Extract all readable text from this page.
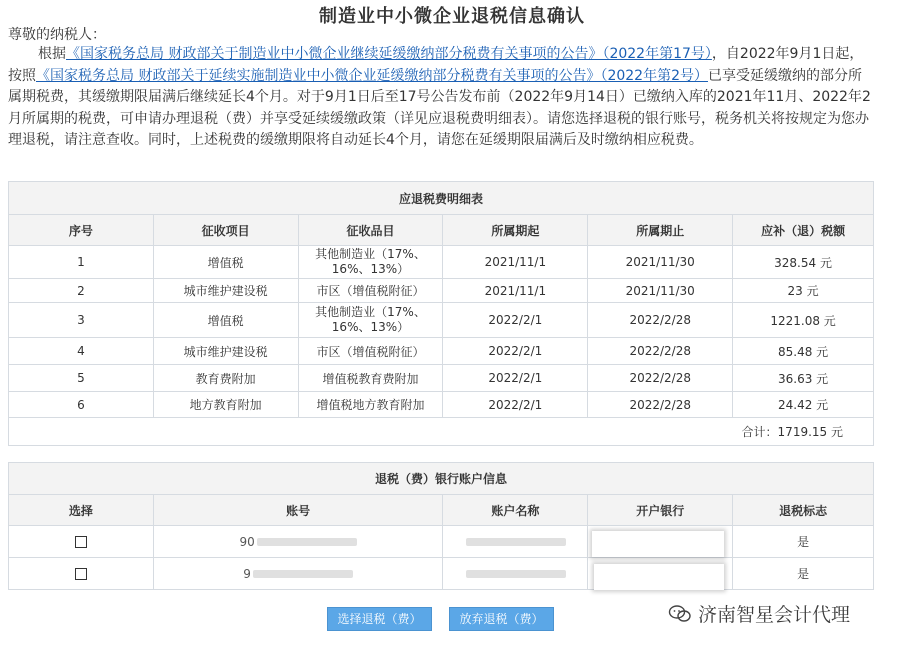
制造业中小微企业退税信息确认
尊敬的纳税人：
根据《国家税务总局 财政部关于制造业中小微企业继续延缓缴纳部分税费有关事项的公告》（2022年第17号），自2022年9月1日起，按照《国家税务总局 财政部关于延续实施制造业中小微企业延缓缴纳部分税费有关事项的公告》（2022年第2号）已享受延缓缴纳的部分所属期税费，其缓缴期限届满后继续延长4个月。对于9月1日后至17号公告发布前（2022年9月14日）已缴纳入库的2021年11月、2022年2月所属期的税费，可申请办理退税（费）并享受延续缓缴政策（详见应退税费明细表）。请您选择退税的银行账号，税务机关将按规定为您办理退税，请注意查收。同时，上述税费的缓缴期限将自动延长4个月，请您在延缓期限届满后及时缴纳相应税费。
应退税费明细表					
序号	征收项目	征收品目	所属期起	所属期止	应补（退）税额
1	增值税	其他制造业（17%、
16%、13%）	2021/11/1	2021/11/30	328.54 元
2	城市维护建设税	市区（增值税附征）	2021/11/1	2021/11/30	23 元
3	增值税	其他制造业（17%、
16%、13%）	2022/2/1	2022/2/28	1221.08 元
4	城市维护建设税	市区（增值税附征）	2022/2/1	2022/2/28	85.48 元
5	教育费附加	增值税教育费附加	2022/2/1	2022/2/28	36.63 元
6	地方教育附加	增值税地方教育附加	2022/2/1	2022/2/28	24.42 元
合计：1719.15 元					
退税（费）银行账户信息				
选择	账号	账户名称	开户银行	退税标志
	90			是
	9			是
选择退税（费）	放弃退税（费）	济南智星会计代理
